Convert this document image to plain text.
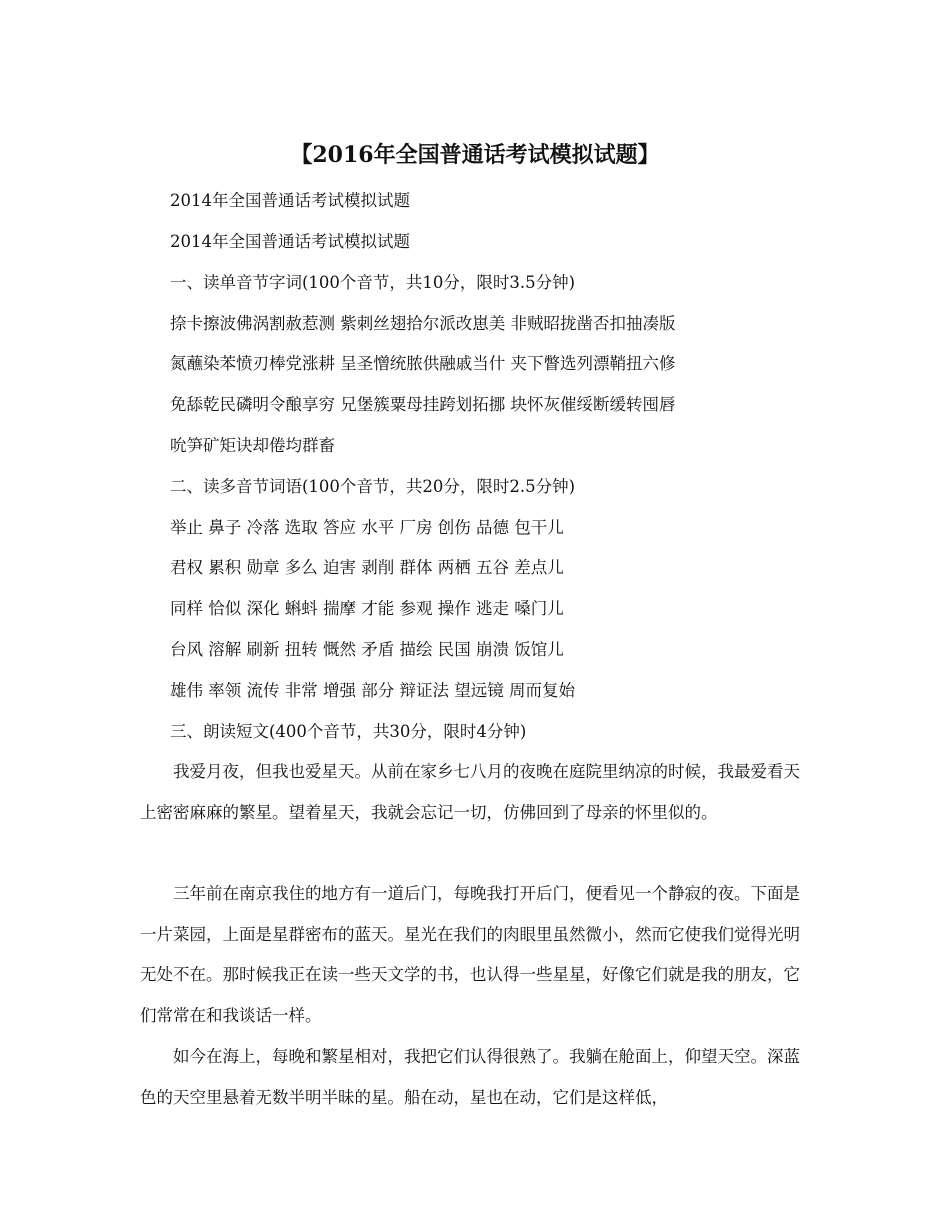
【2016年全国普通话考试模拟试题】
2014年全国普通话考试模拟试题
2014年全国普通话考试模拟试题
一、读单音节字词(100个音节，共10分，限时3.5分钟)
捺卡擦波佛涡割赦惹测 紫刺丝翅拾尔派改崽美 非贼昭拢凿否扣抽凑版
氮蘸染苯愤刃棒党涨耕 呈圣憎统脓供融戚当什 夹下瞥选列漂鞘扭六修
免舔乾民磷明令酿享穷 兄堡簇粟母挂跨划拓挪 块怀灰催绥断缓转囤唇
吮笋矿矩诀却倦均群畜
二、读多音节词语(100个音节，共20分，限时2.5分钟)
举止 鼻子 冷落 选取 答应 水平 厂房 创伤 品德 包干儿
君权 累积 勋章 多么 迫害 剥削 群体 两栖 五谷 差点儿
同样 恰似 深化 蝌蚪 揣摩 才能 参观 操作 逃走 嗓门儿
台风 溶解 刷新 扭转 慨然 矛盾 描绘 民国 崩溃 饭馆儿
雄伟 率领 流传 非常 增强 部分 辩证法 望远镜 周而复始
三、朗读短文(400个音节，共30分，限时4分钟)

我爱月夜，但我也爱星天。从前在家乡七八月的夜晚在庭院里纳凉的时候，我最爱看天上密密麻麻的繁星。望着星天，我就会忘记一切，仿佛回到了母亲的怀里似的。

三年前在南京我住的地方有一道后门，每晚我打开后门，便看见一个静寂的夜。下面是一片菜园，上面是星群密布的蓝天。星光在我们的肉眼里虽然微小，然而它使我们觉得光明无处不在。那时候我正在读一些天文学的书，也认得一些星星，好像它们就是我的朋友，它们常常在和我谈话一样。

如今在海上，每晚和繁星相对，我把它们认得很熟了。我躺在舱面上，仰望天空。深蓝色的天空里悬着无数半明半昧的星。船在动，星也在动，它们是这样低，
